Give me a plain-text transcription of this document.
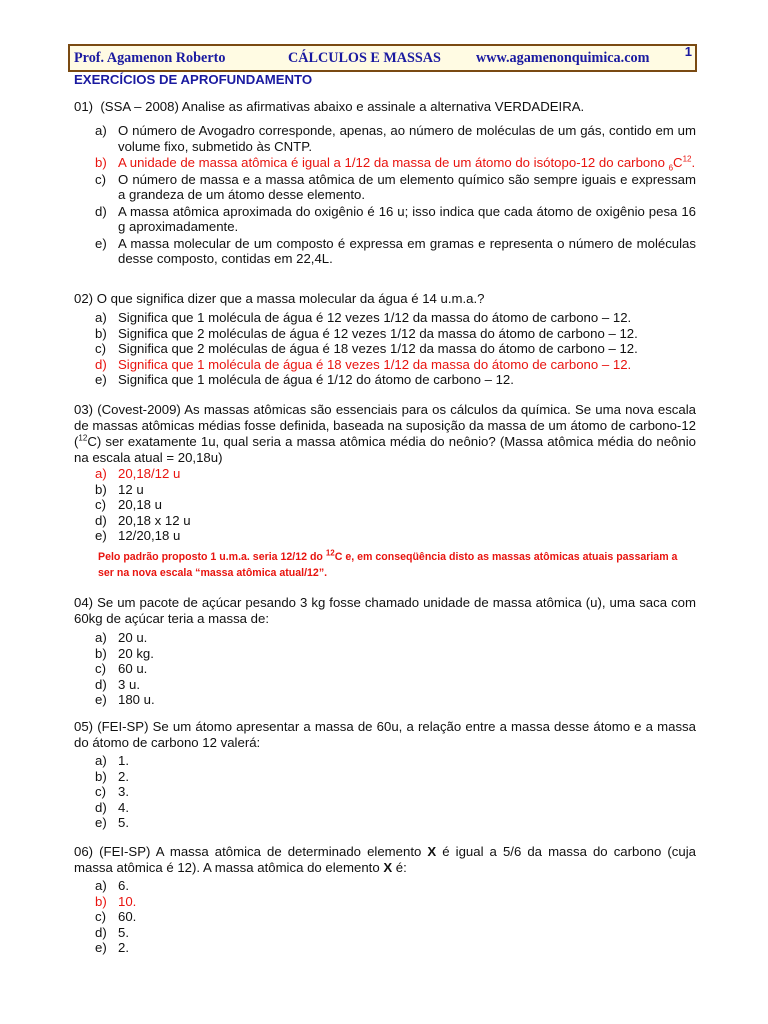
Prof. Agamenon Roberto	CÁLCULOS E MASSAS www.agamenonquimica.com	1
EXERCÍCIOS DE APROFUNDAMENTO
01) (SSA – 2008) Analise as afirmativas abaixo e assinale a alternativa VERDADEIRA.
a) O número de Avogadro corresponde, apenas, ao número de moléculas de um gás, contido em um volume fixo, submetido às CNTP.
b) A unidade de massa atômica é igual a 1/12 da massa de um átomo do isótopo-12 do carbono $_6C^{12}$.
c) O número de massa e a massa atômica de um elemento químico são sempre iguais e expressam a grandeza de um átomo desse elemento.
d) A massa atômica aproximada do oxigênio é 16 u; isso indica que cada átomo de oxigênio pesa 16 g aproximadamente.
e) A massa molecular de um composto é expressa em gramas e representa o número de moléculas desse composto, contidas em 22,4L.
02) O que significa dizer que a massa molecular da água é 14 u.m.a.?
a) Significa que 1 molécula de água é 12 vezes 1/12 da massa do átomo de carbono – 12.
b) Significa que 2 moléculas de água é 12 vezes 1/12 da massa do átomo de carbono – 12.
c) Significa que 2 moléculas de água é 18 vezes 1/12 da massa do átomo de carbono – 12.
d) Significa que 1 molécula de água é 18 vezes 1/12 da massa do átomo de carbono – 12.
e) Significa que 1 molécula de água é 1/12 do átomo de carbono – 12.
03) (Covest-2009) As massas atômicas são essenciais para os cálculos da química. Se uma nova escala de massas atômicas médias fosse definida, baseada na suposição da massa de um átomo de carbono-12 ($^{12}$C) ser exatamente 1u, qual seria a massa atômica média do neônio? (Massa atômica média do neônio na escala atual = 20,18u)
a) 20,18/12 u
b) 12 u
c) 20,18 u
d) 20,18 x 12 u
e) 12/20,18 u
Pelo padrão proposto 1 u.m.a. seria 12/12 do $^{12}$C e, em conseqüência disto as massas atômicas atuais passariam a ser na nova escala “massa atômica atual/12”.
04) Se um pacote de açúcar pesando 3 kg fosse chamado unidade de massa atômica (u), uma saca com 60kg de açúcar teria a massa de:
a) 20 u.
b) 20 kg.
c) 60 u.
d) 3 u.
e) 180 u.
05) (FEI-SP) Se um átomo apresentar a massa de 60u, a relação entre a massa desse átomo e a massa do átomo de carbono 12 valerá:
a) 1.
b) 2.
c) 3.
d) 4.
e) 5.
06) (FEI-SP) A massa atômica de determinado elemento X é igual a 5/6 da massa do carbono (cuja massa atômica é 12). A massa atômica do elemento X é:
a) 6.
b) 10.
c) 60.
d) 5.
e) 2.
